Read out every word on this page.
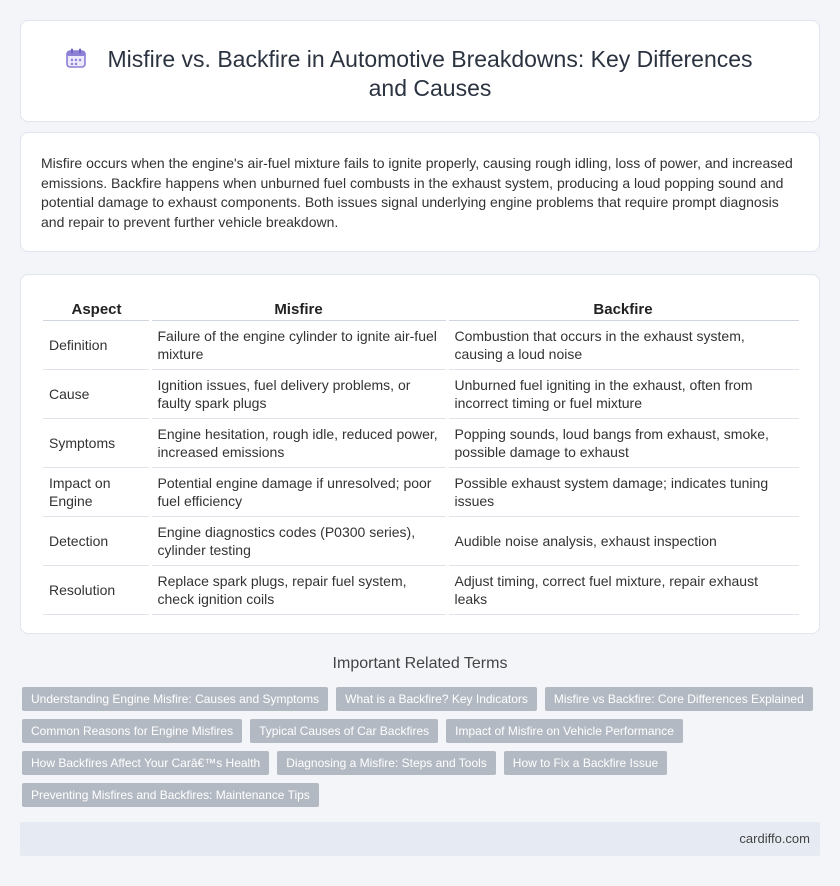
Misfire vs. Backfire in Automotive Breakdowns: Key Differences and Causes

Misfire occurs when the engine's air-fuel mixture fails to ignite properly, causing rough idling, loss of power, and increased emissions. Backfire happens when unburned fuel combusts in the exhaust system, producing a loud popping sound and potential damage to exhaust components. Both issues signal underlying engine problems that require prompt diagnosis and repair to prevent further vehicle breakdown.

Aspect	Misfire	Backfire
Definition	Failure of the engine cylinder to ignite air-fuel mixture	Combustion that occurs in the exhaust system, causing a loud noise
Cause	Ignition issues, fuel delivery problems, or faulty spark plugs	Unburned fuel igniting in the exhaust, often from incorrect timing or fuel mixture
Symptoms	Engine hesitation, rough idle, reduced power, increased emissions	Popping sounds, loud bangs from exhaust, smoke, possible damage to exhaust
Impact on Engine	Potential engine damage if unresolved; poor fuel efficiency	Possible exhaust system damage; indicates tuning issues
Detection	Engine diagnostics codes (P0300 series), cylinder testing	Audible noise analysis, exhaust inspection
Resolution	Replace spark plugs, repair fuel system, check ignition coils	Adjust timing, correct fuel mixture, repair exhaust leaks
Important Related Terms
Understanding Engine Misfire: Causes and Symptoms	What is a Backfire? Key Indicators	Misfire vs Backfire: Core Differences Explained
Common Reasons for Engine Misfires	Typical Causes of Car Backfires	Impact of Misfire on Vehicle Performance
How Backfires Affect Your Carâ€™s Health	Diagnosing a Misfire: Steps and Tools	How to Fix a Backfire Issue
Preventing Misfires and Backfires: Maintenance Tips
cardiffo.com
